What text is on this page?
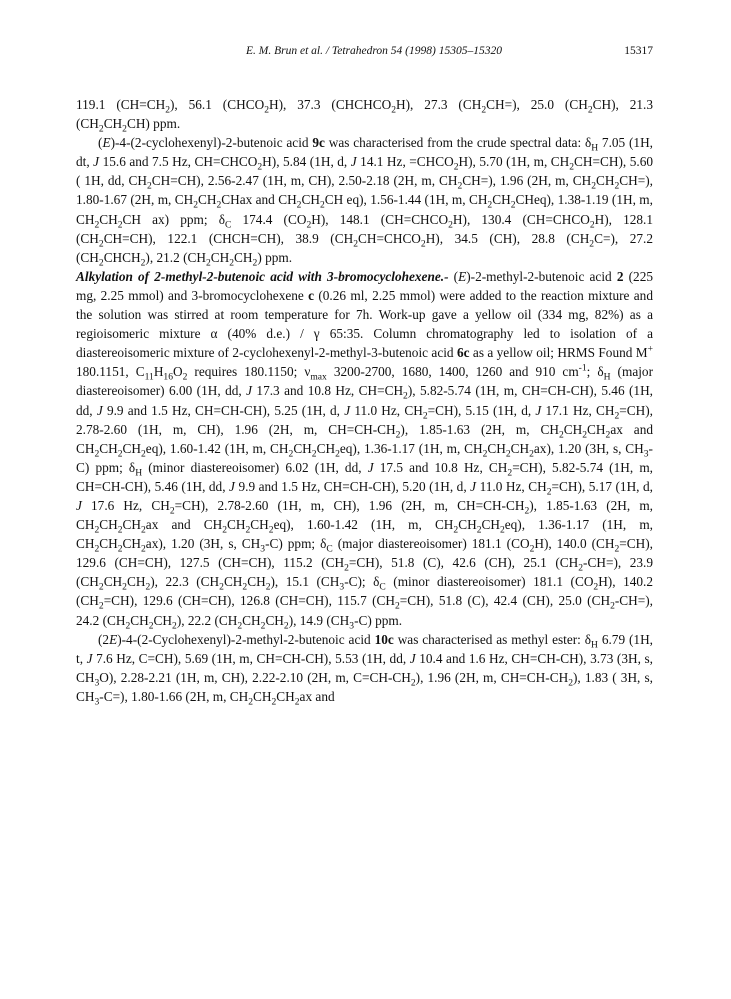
E. M. Brun et al. / Tetrahedron 54 (1998) 15305–15320	15317

119.1 $(CH=CH_2)$, 56.1 $(CHCO_2H)$, 37.3 $(CHCHCO_2H)$, 27.3 $(CH_2CH=)$, 25.0 $(CH_2CH)$, 21.3 $(CH_2CH_2CH)$ ppm.

(E)-4-(2-cyclohexenyl)-2-butenoic acid 9c was characterised from the crude spectral data: $\delta_H$ 7.05 (1H, dt, J 15.6 and 7.5 Hz, $CH=CHCO_2H$), 5.84 (1H, d, J 14.1 Hz, $=CHCO_2H$), 5.70 (1H, m, $CH_2CH=CH$), 5.60 ( 1H, dd, $CH_2CH=CH$), 2.56-2.47 (1H, m, CH), 2.50-2.18 (2H, m, $CH_2CH=$), 1.96 (2H, m, $CH_2CH_2CH=$), 1.80-1.67 (2H, m, $CH_2CH_2CHax$ and $CH_2CH_2CH$ eq), 1.56-1.44 (1H, m, $CH_2CH_2CHeq$), 1.38-1.19 (1H, m, $CH_2CH_2CH$ ax) ppm; $\delta_C$ 174.4 $(CO_2H)$, 148.1 $(CH=CHCO_2H)$, 130.4 $(CH=CHCO_2H)$, 128.1 $(CH_2CH=CH)$, 122.1 (CHCH=CH), 38.9 $(CH_2CH=CHCO_2H)$, 34.5 (CH), 28.8 $(CH_2C=)$, 27.2 $(CH_2CHCH_2)$, 21.2 $(CH_2CH_2CH_2)$ ppm.

Alkylation of 2-methyl-2-butenoic acid with 3-bromocyclohexene.- (E)-2-methyl-2-butenoic acid 2 (225 mg, 2.25 mmol) and 3-bromocyclohexene c (0.26 ml, 2.25 mmol) were added to the reaction mixture and the solution was stirred at room temperature for 7h. Work-up gave a yellow oil (334 mg, 82%) as a regioisomeric mixture α (40% d.e.) / γ 65:35. Column chromatography led to isolation of a diastereoisomeric mixture of 2-cyclohexenyl-2-methyl-3-butenoic acid 6c as a yellow oil; HRMS Found M+ 180.1151, $C_{11}H_{16}O_2$ requires 180.1150; $\nu_{max}$ 3200-2700, 1680, 1400, 1260 and 910 $cm^{-1}$; $\delta_H$ (major diastereoisomer) 6.00 (1H, dd, J 17.3 and 10.8 Hz, $CH=CH_2$), 5.82-5.74 (1H, m, CH=CH-CH), 5.46 (1H, dd, J 9.9 and 1.5 Hz, CH=CH-CH), 5.25 (1H, d, J 11.0 Hz, $CH_2=CH$), 5.15 (1H, d, J 17.1 Hz, $CH_2=CH$), 2.78-2.60 (1H, m, CH), 1.96 (2H, m, $CH=CH-CH_2$), 1.85-1.63 (2H, m, $CH_2CH_2CH_2ax$ and $CH_2CH_2CH_2eq$), 1.60-1.42 (1H, m, $CH_2CH_2CH_2eq$), 1.36-1.17 (1H, m, $CH_2CH_2CH_2ax$), 1.20 (3H, s, $CH_3-C$) ppm; $\delta_H$ (minor diastereoisomer) 6.02 (1H, dd, J 17.5 and 10.8 Hz, $CH_2=CH$), 5.82-5.74 (1H, m, CH=CH-CH), 5.46 (1H, dd, J 9.9 and 1.5 Hz, CH=CH-CH), 5.20 (1H, d, J 11.0 Hz, $CH_2=CH$), 5.17 (1H, d, J 17.6 Hz, $CH_2=CH$), 2.78-2.60 (1H, m, CH), 1.96 (2H, m, $CH=CH-CH_2$), 1.85-1.63 (2H, m, $CH_2CH_2CH_2ax$ and $CH_2CH_2CH_2eq$), 1.60-1.42 (1H, m, $CH_2CH_2CH_2eq$), 1.36-1.17 (1H, m, $CH_2CH_2CH_2ax$), 1.20 (3H, s, $CH_3-C$) ppm; $\delta_C$ (major diastereoisomer) 181.1 $(CO_2H)$, 140.0 $(CH_2=CH)$, 129.6 (CH=CH), 127.5 (CH=CH), 115.2 $(CH_2=CH)$, 51.8 (C), 42.6 (CH), 25.1 $(CH_2-CH=)$, 23.9 $(CH_2CH_2CH_2)$, 22.3 $(CH_2CH_2CH_2)$, 15.1 $(CH_3-C)$; $\delta_C$ (minor diastereoisomer) 181.1 $(CO_2H)$, 140.2 $(CH_2=CH)$, 129.6 (CH=CH), 126.8 (CH=CH), 115.7 $(CH_2=CH)$, 51.8 (C), 42.4 (CH), 25.0 $(CH_2-CH=)$, 24.2 $(CH_2CH_2CH_2)$, 22.2 $(CH_2CH_2CH_2)$, 14.9 $(CH_3-C)$ ppm.

(2E)-4-(2-Cyclohexenyl)-2-methyl-2-butenoic acid 10c was characterised as methyl ester: $\delta_H$ 6.79 (1H, t, J 7.6 Hz, C=CH), 5.69 (1H, m, CH=CH-CH), 5.53 (1H, dd, J 10.4 and 1.6 Hz, CH=CH-CH), 3.73 (3H, s, $CH_3O$), 2.28-2.21 (1H, m, CH), 2.22-2.10 (2H, m, $C=CH-CH_2$), 1.96 (2H, m, $CH=CH-CH_2$), 1.83 ( 3H, s, $CH_3-C=$), 1.80-1.66 (2H, m, $CH_2CH_2CH_2ax$ and
